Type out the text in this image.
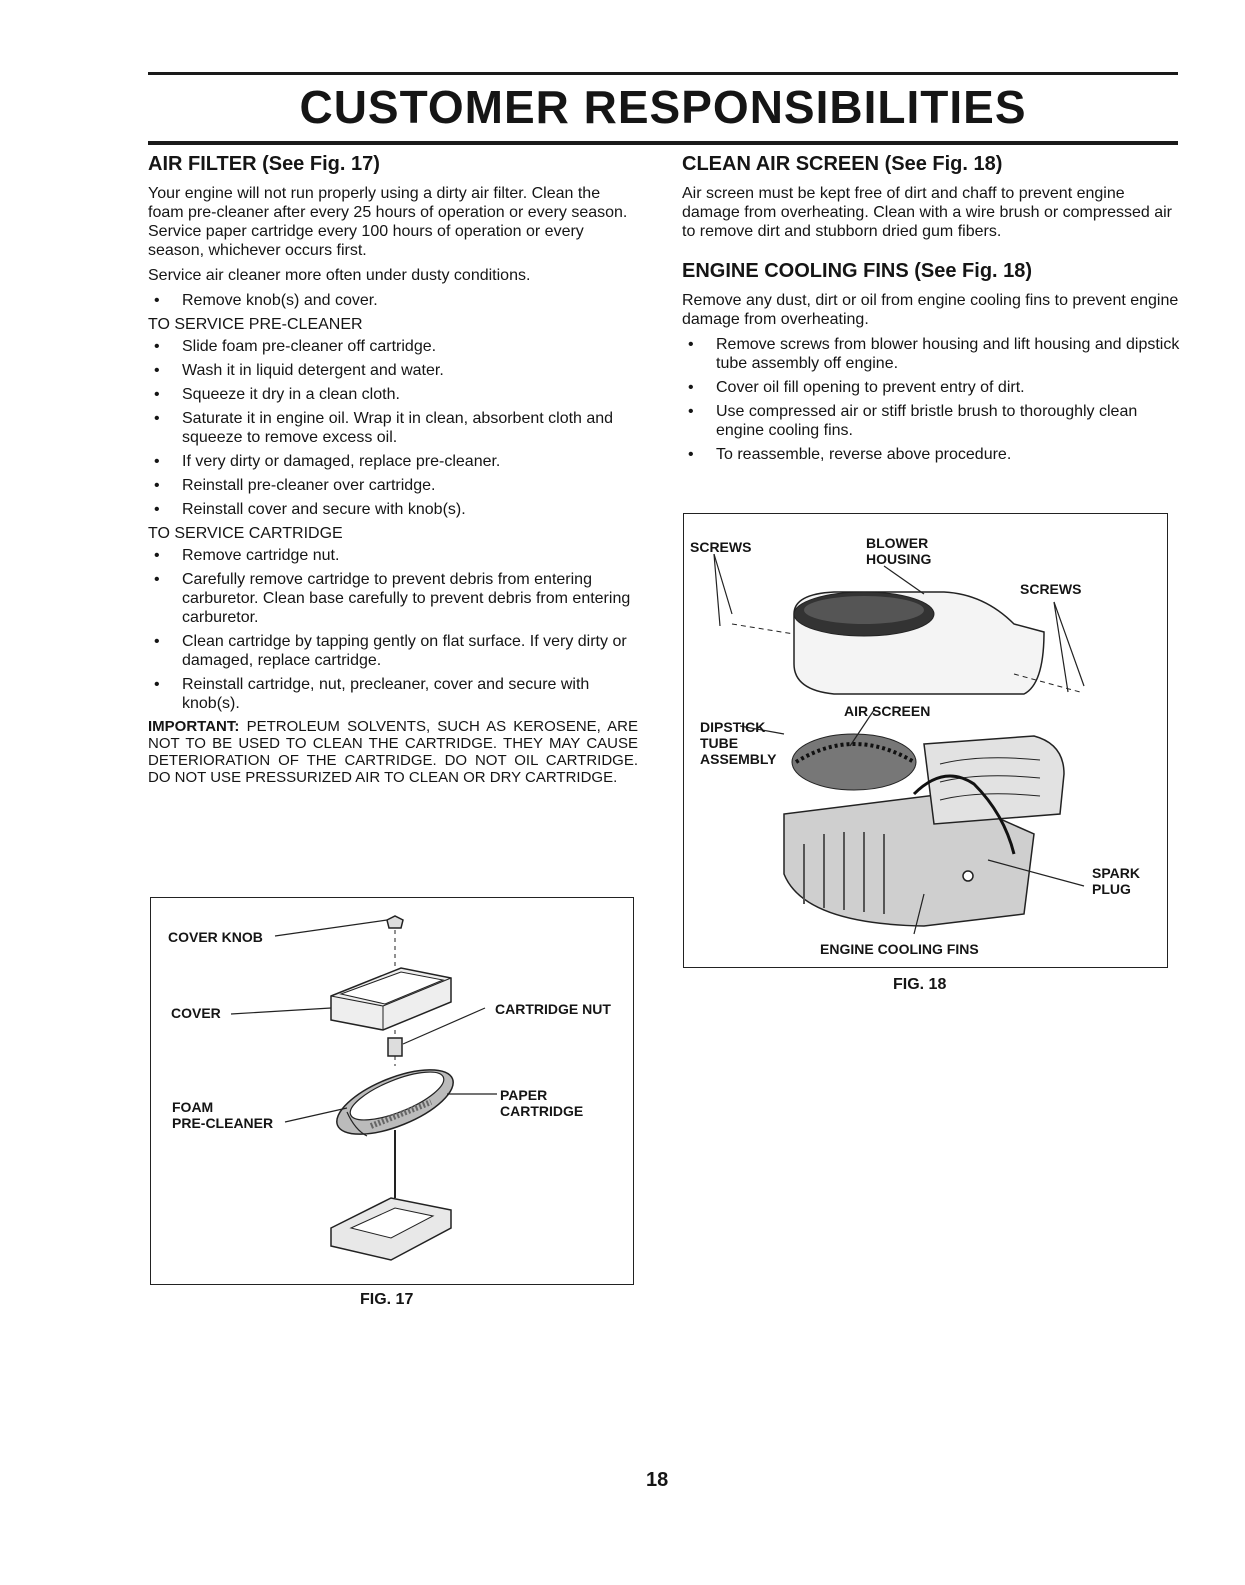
CUSTOMER RESPONSIBILITIES
AIR FILTER (See Fig. 17)

Your engine will not run properly using a dirty air filter. Clean the foam pre-cleaner after every 25 hours of operation or every season. Service paper cartridge every 100 hours of operation or every season, whichever occurs first.

Service air cleaner more often under dusty conditions.

• Remove knob(s) and cover.
TO SERVICE PRE-CLEANER
• Slide foam pre-cleaner off cartridge.
• Wash it in liquid detergent and water.
• Squeeze it dry in a clean cloth.
• Saturate it in engine oil. Wrap it in clean, absorbent cloth and squeeze to remove excess oil.
• If very dirty or damaged, replace pre-cleaner.
• Reinstall pre-cleaner over cartridge.
• Reinstall cover and secure with knob(s).
TO SERVICE CARTRIDGE
• Remove cartridge nut.
• Carefully remove cartridge to prevent debris from entering carburetor. Clean base carefully to prevent debris from entering carburetor.
• Clean cartridge by tapping gently on flat surface. If very dirty or damaged, replace cartridge.
• Reinstall cartridge, nut, precleaner, cover and secure with knob(s).
IMPORTANT: PETROLEUM SOLVENTS, SUCH AS KEROSENE, ARE NOT TO BE USED TO CLEAN THE CARTRIDGE. THEY MAY CAUSE DETERIORATION OF THE CARTRIDGE. DO NOT OIL CARTRIDGE. DO NOT USE PRESSURIZED AIR TO CLEAN OR DRY CARTRIDGE.
COVER KNOB
COVER	CARTRIDGE NUT
FOAM
PRE-CLEANER
PAPER
CARTRIDGE
FIG. 17
CLEAN AIR SCREEN (See Fig. 18)

Air screen must be kept free of dirt and chaff to prevent engine damage from overheating. Clean with a wire brush or compressed air to remove dirt and stubborn dried gum fibers.

ENGINE COOLING FINS (See Fig. 18)

Remove any dust, dirt or oil from engine cooling fins to prevent engine damage from overheating.

• Remove screws from blower housing and lift housing and dipstick tube assembly off engine.
• Cover oil fill opening to prevent entry of dirt.
• Use compressed air or stiff bristle brush to thoroughly clean engine cooling fins.
• To reassemble, reverse above procedure.
SCREWS	BLOWER
HOUSING
SCREWS
AIR SCREEN
DIPSTICK
TUBE
ASSEMBLY
SPARK
PLUG
ENGINE COOLING FINS
FIG. 18
18
